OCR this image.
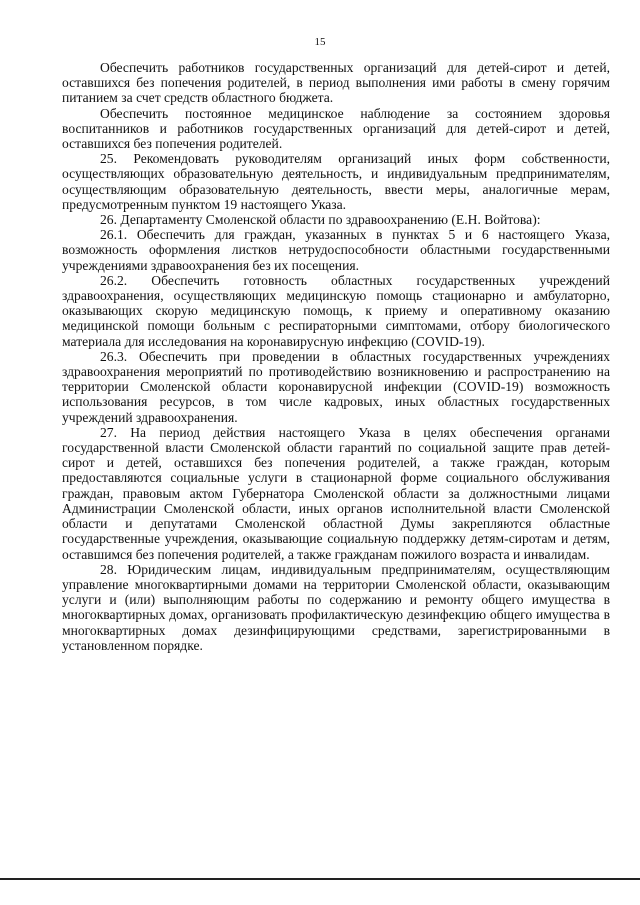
15

Обеспечить работников государственных организаций для детей-сирот и детей, оставшихся без попечения родителей, в период выполнения ими работы в смену горячим питанием за счет средств областного бюджета.

Обеспечить постоянное медицинское наблюдение за состоянием здоровья воспитанников и работников государственных организаций для детей-сирот и детей, оставшихся без попечения родителей.

25. Рекомендовать руководителям организаций иных форм собственности, осуществляющих образовательную деятельность, и индивидуальным предпринимателям, осуществляющим образовательную деятельность, ввести меры, аналогичные мерам, предусмотренным пунктом 19 настоящего Указа.

26. Департаменту Смоленской области по здравоохранению (Е.Н. Войтова):

26.1. Обеспечить для граждан, указанных в пунктах 5 и 6 настоящего Указа, возможность оформления листков нетрудоспособности областными государственными учреждениями здравоохранения без их посещения.

26.2. Обеспечить готовность областных государственных учреждений здравоохранения, осуществляющих медицинскую помощь стационарно и амбулаторно, оказывающих скорую медицинскую помощь, к приему и оперативному оказанию медицинской помощи больным с респираторными симптомами, отбору биологического материала для исследования на коронавирусную инфекцию (COVID-19).

26.3. Обеспечить при проведении в областных государственных учреждениях здравоохранения мероприятий по противодействию возникновению и распространению на территории Смоленской области коронавирусной инфекции (COVID-19) возможность использования ресурсов, в том числе кадровых, иных областных государственных учреждений здравоохранения.

27. На период действия настоящего Указа в целях обеспечения органами государственной власти Смоленской области гарантий по социальной защите прав детей-сирот и детей, оставшихся без попечения родителей, а также граждан, которым предоставляются социальные услуги в стационарной форме социального обслуживания граждан, правовым актом Губернатора Смоленской области за должностными лицами Администрации Смоленской области, иных органов исполнительной власти Смоленской области и депутатами Смоленской областной Думы закрепляются областные государственные учреждения, оказывающие социальную поддержку детям-сиротам и детям, оставшимся без попечения родителей, а также гражданам пожилого возраста и инвалидам.

28. Юридическим лицам, индивидуальным предпринимателям, осуществляющим управление многоквартирными домами на территории Смоленской области, оказывающим услуги и (или) выполняющим работы по содержанию и ремонту общего имущества в многоквартирных домах, организовать профилактическую дезинфекцию общего имущества в многоквартирных домах дезинфицирующими средствами, зарегистрированными в установленном порядке.
